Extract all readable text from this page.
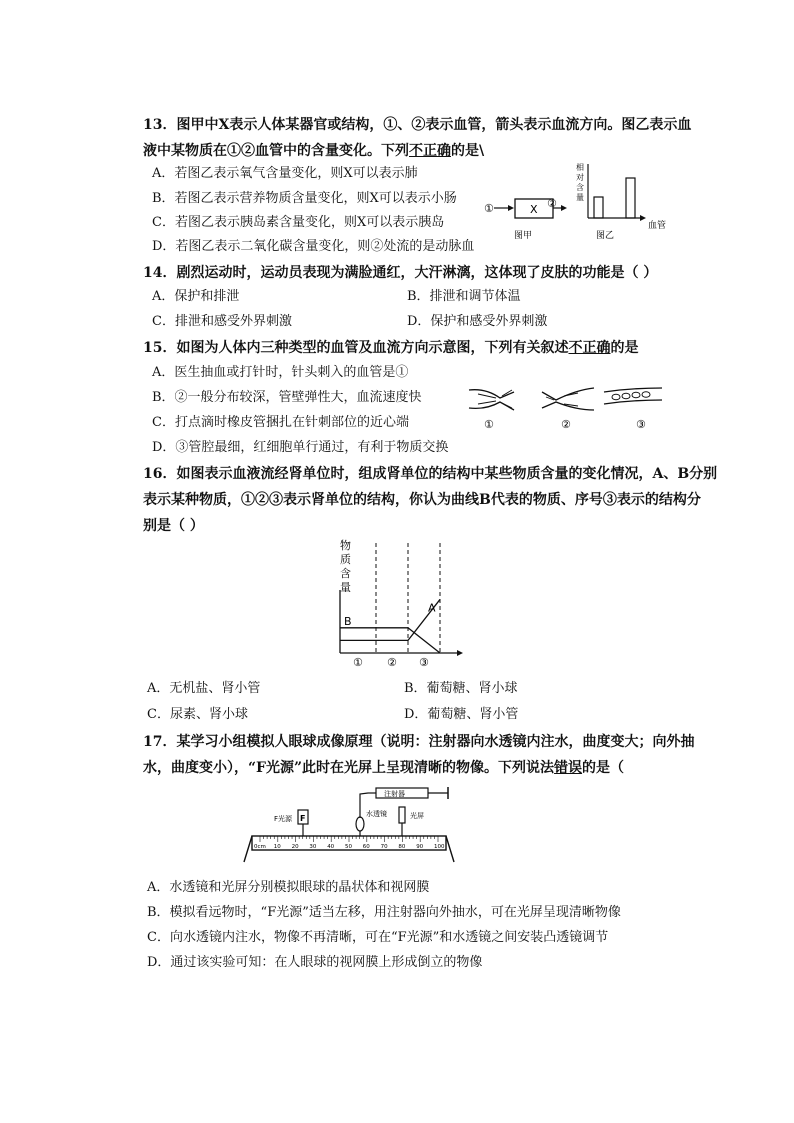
13．图甲中X表示人体某器官或结构，①、②表示血管，箭头表示血流方向。图乙表示血
液中某物质在①②血管中的含量变化。下列不正确的是\
A．若图乙表示氧气含量变化，则X可以表示肺
B．若图乙表示营养物质含量变化，则X可以表示小肠
C．若图乙表示胰岛素含量变化，则X可以表示胰岛
D．若图乙表示二氧化碳含量变化，则②处流的是动脉血
①	X ②
图甲
相
对
含
量
血管
图乙
14．剧烈运动时，运动员表现为满脸通红，大汗淋漓，这体现了皮肤的功能是（ ）
A．保护和排泄	B．排泄和调节体温
C．排泄和感受外界刺激	D．保护和感受外界刺激
15．如图为人体内三种类型的血管及血流方向示意图，下列有关叙述不正确的是
A．医生抽血或打针时，针头刺入的血管是①
B．②一般分布较深，管壁弹性大，血流速度快
C．打点滴时橡皮管捆扎在针刺部位的近心端
D．③管腔最细，红细胞单行通过，有利于物质交换
①	②	③
16．如图表示血液流经肾单位时，组成肾单位的结构中某些物质含量的变化情况，A、B分别
表示某种物质，①②③表示肾单位的结构，你认为曲线B代表的物质、序号③表示的结构分
别是（ ）
物
质
含
量
A
B
① ② ③
A．无机盐、肾小管	B．葡萄糖、肾小球
C．尿素、肾小球	D．葡萄糖、肾小管
17．某学习小组模拟人眼球成像原理（说明：注射器向水透镜内注水，曲度变大；向外抽
水，曲度变小），“F光源”此时在光屏上呈现清晰的物像。下列说法错误的是（
注射器
F
F光源
水透镜	光屏
0cm 10 20 30 40 50 60 70 80 90 100
A．水透镜和光屏分别模拟眼球的晶状体和视网膜
B．模拟看远物时，“F光源”适当左移，用注射器向外抽水，可在光屏呈现清晰物像
C．向水透镜内注水，物像不再清晰，可在“F光源”和水透镜之间安装凸透镜调节
D．通过该实验可知：在人眼球的视网膜上形成倒立的物像
